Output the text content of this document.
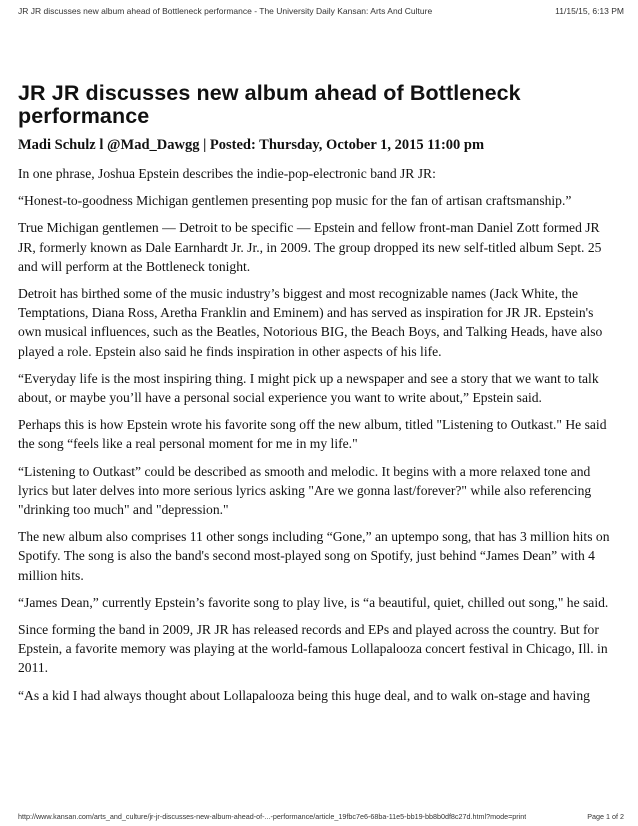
JR JR discusses new album ahead of Bottleneck performance - The University Daily Kansan: Arts And Culture	11/15/15, 6:13 PM
JR JR discusses new album ahead of Bottleneck performance
Madi Schulz l @Mad_Dawgg | Posted: Thursday, October 1, 2015 11:00 pm

In one phrase, Joshua Epstein describes the indie-pop-electronic band JR JR:

“Honest-to-goodness Michigan gentlemen presenting pop music for the fan of artisan craftsmanship.”

True Michigan gentlemen — Detroit to be specific — Epstein and fellow front-man Daniel Zott formed JR JR, formerly known as Dale Earnhardt Jr. Jr., in 2009. The group dropped its new self-titled album Sept. 25 and will perform at the Bottleneck tonight.

Detroit has birthed some of the music industry’s biggest and most recognizable names (Jack White, the Temptations, Diana Ross, Aretha Franklin and Eminem) and has served as inspiration for JR JR. Epstein's own musical influences, such as the Beatles, Notorious BIG, the Beach Boys, and Talking Heads, have also played a role. Epstein also said he finds inspiration in other aspects of his life.

“Everyday life is the most inspiring thing. I might pick up a newspaper and see a story that we want to talk about, or maybe you’ll have a personal social experience you want to write about,” Epstein said.

Perhaps this is how Epstein wrote his favorite song off the new album, titled "Listening to Outkast." He said the song “feels like a real personal moment for me in my life."

“Listening to Outkast” could be described as smooth and melodic. It begins with a more relaxed tone and lyrics but later delves into more serious lyrics asking "Are we gonna last/forever?" while also referencing "drinking too much" and "depression."

The new album also comprises 11 other songs including “Gone,” an uptempo song, that has 3 million hits on Spotify. The song is also the band's second most-played song on Spotify, just behind “James Dean” with 4 million hits.

“James Dean,” currently Epstein’s favorite song to play live, is “a beautiful, quiet, chilled out song," he said.

Since forming the band in 2009, JR JR has released records and EPs and played across the country. But for Epstein, a favorite memory was playing at the world-famous Lollapalooza concert festival in Chicago, Ill. in 2011.

“As a kid I had always thought about Lollapalooza being this huge deal, and to walk on-stage and having

http://www.kansan.com/arts_and_culture/jr-jr-discusses-new-album-ahead-of-...-performance/article_19fbc7e6-68ba-11e5-bb19-bb8b0df8c27d.html?mode=print	Page 1 of 2
